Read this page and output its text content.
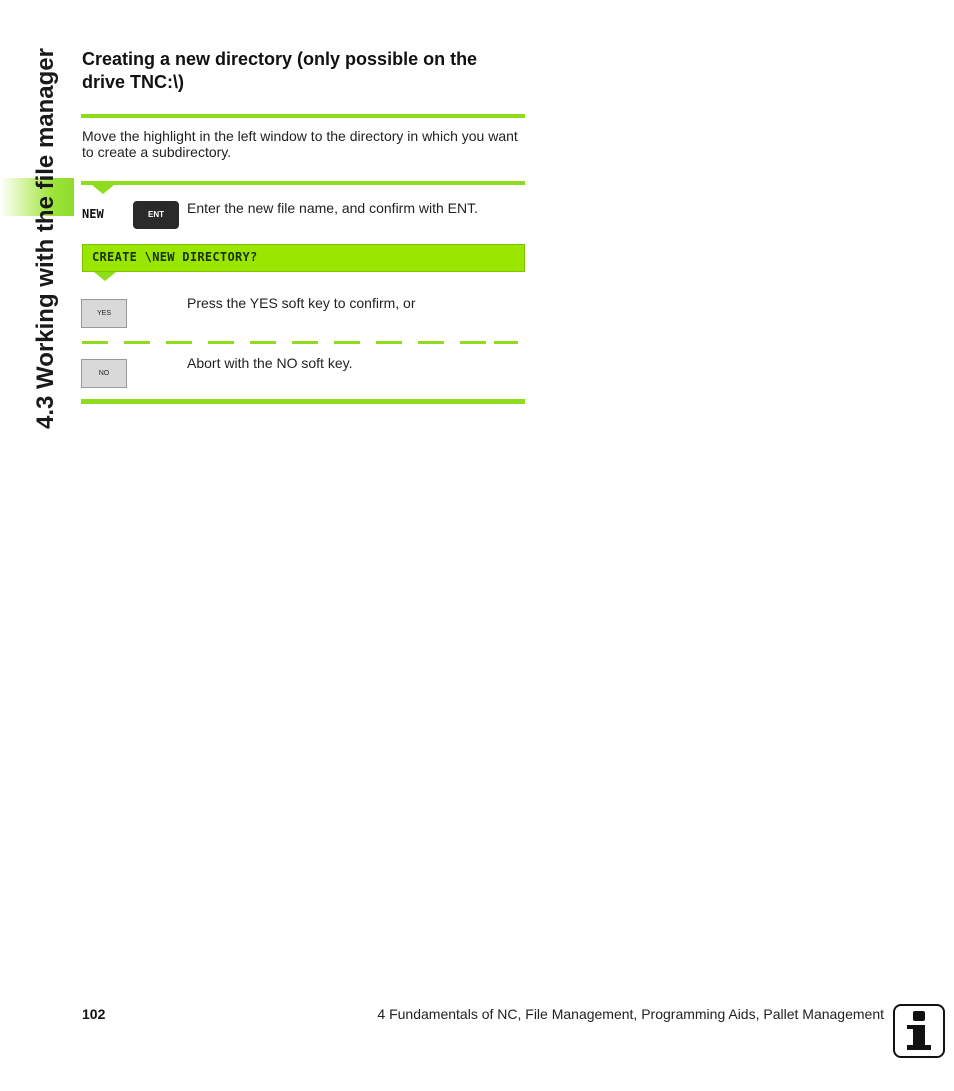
4.3 Working with the file manager Creating a new directory (only possible on the drive TNC:\)
Move the highlight in the left window to the directory in which you want to create a subdirectory.
NEW	ENT	Enter the new file name, and confirm with ENT.
CREATE \NEW DIRECTORY?
YES
Press the YES soft key to confirm, or
NO
Abort with the NO soft key.
102	4 Fundamentals of NC, File Management, Programming Aids, Pallet Management
